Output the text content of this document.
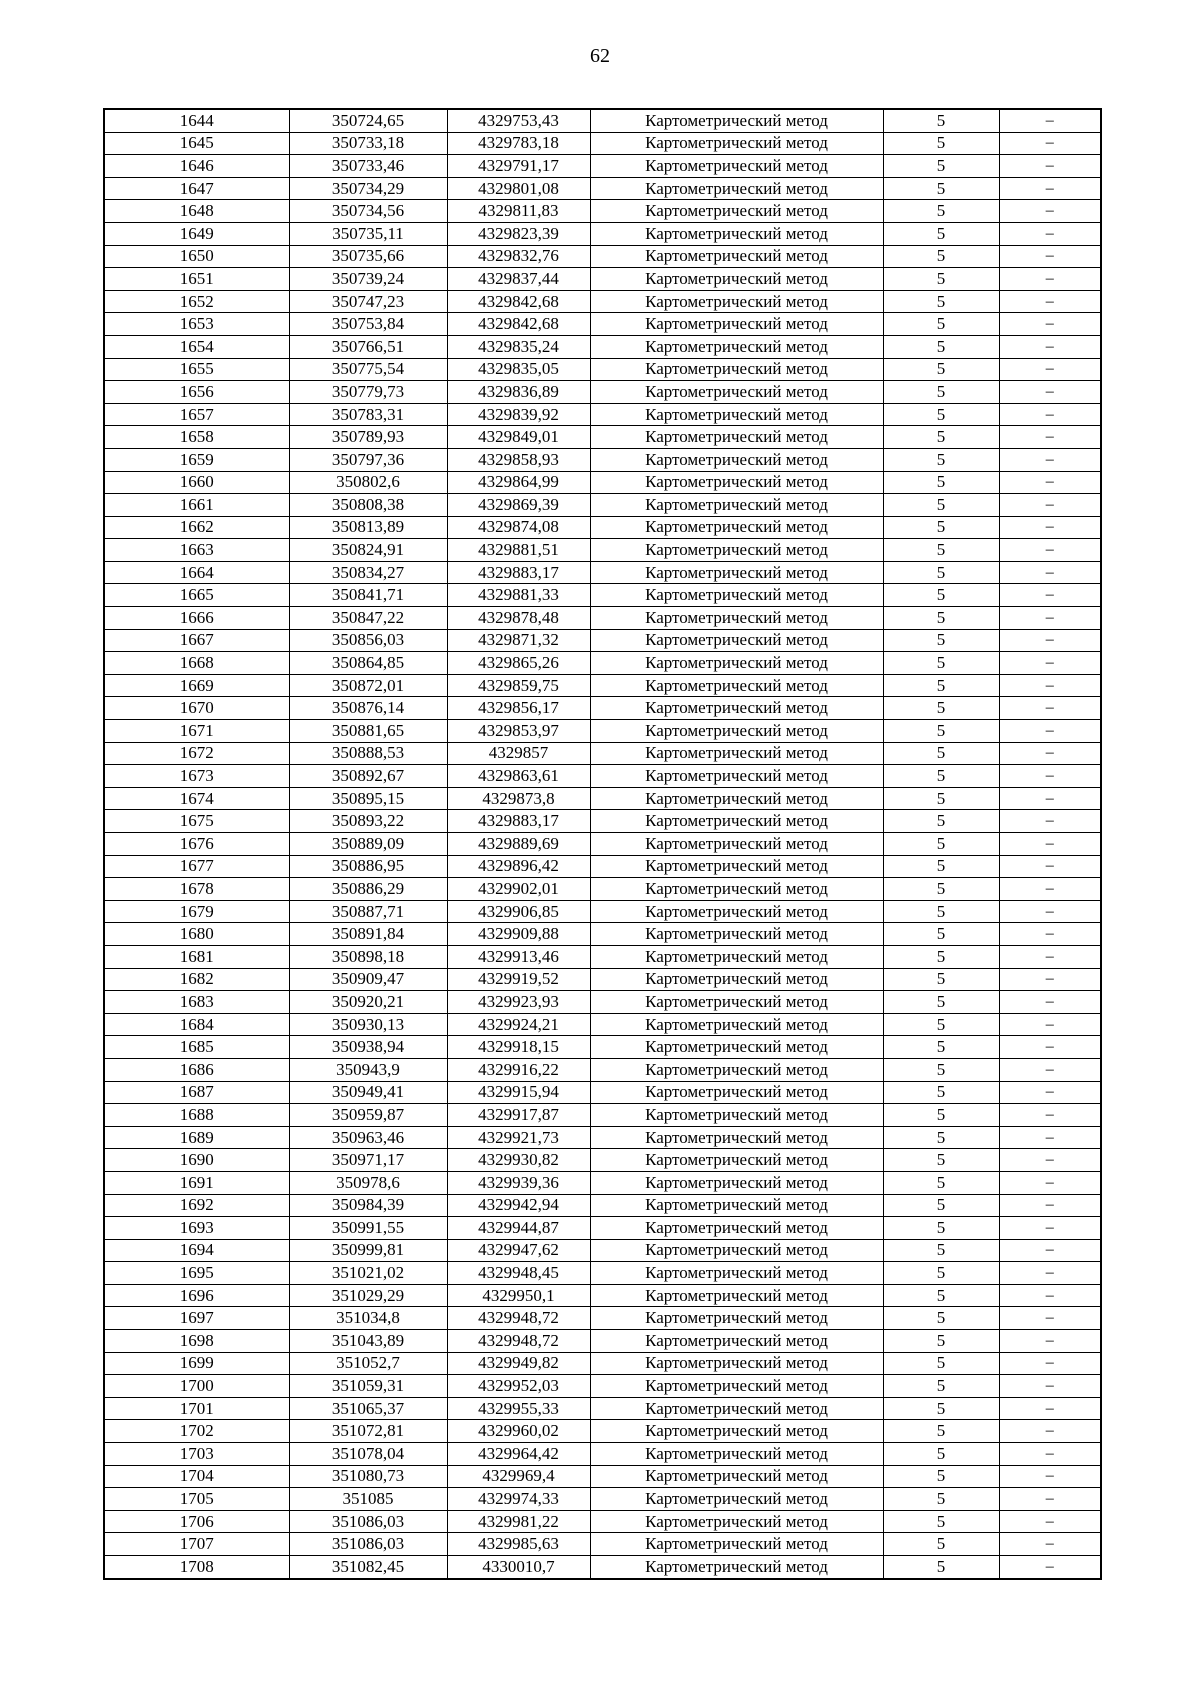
62
1644	350724,65	4329753,43	Картометрический метод	5	–
1645	350733,18	4329783,18	Картометрический метод	5	–
1646	350733,46	4329791,17	Картометрический метод	5	–
1647	350734,29	4329801,08	Картометрический метод	5	–
1648	350734,56	4329811,83	Картометрический метод	5	–
1649	350735,11	4329823,39	Картометрический метод	5	–
1650	350735,66	4329832,76	Картометрический метод	5	–
1651	350739,24	4329837,44	Картометрический метод	5	–
1652	350747,23	4329842,68	Картометрический метод	5	–
1653	350753,84	4329842,68	Картометрический метод	5	–
1654	350766,51	4329835,24	Картометрический метод	5	–
1655	350775,54	4329835,05	Картометрический метод	5	–
1656	350779,73	4329836,89	Картометрический метод	5	–
1657	350783,31	4329839,92	Картометрический метод	5	–
1658	350789,93	4329849,01	Картометрический метод	5	–
1659	350797,36	4329858,93	Картометрический метод	5	–
1660	350802,6	4329864,99	Картометрический метод	5	–
1661	350808,38	4329869,39	Картометрический метод	5	–
1662	350813,89	4329874,08	Картометрический метод	5	–
1663	350824,91	4329881,51	Картометрический метод	5	–
1664	350834,27	4329883,17	Картометрический метод	5	–
1665	350841,71	4329881,33	Картометрический метод	5	–
1666	350847,22	4329878,48	Картометрический метод	5	–
1667	350856,03	4329871,32	Картометрический метод	5	–
1668	350864,85	4329865,26	Картометрический метод	5	–
1669	350872,01	4329859,75	Картометрический метод	5	–
1670	350876,14	4329856,17	Картометрический метод	5	–
1671	350881,65	4329853,97	Картометрический метод	5	–
1672	350888,53	4329857	Картометрический метод	5	–
1673	350892,67	4329863,61	Картометрический метод	5	–
1674	350895,15	4329873,8	Картометрический метод	5	–
1675	350893,22	4329883,17	Картометрический метод	5	–
1676	350889,09	4329889,69	Картометрический метод	5	–
1677	350886,95	4329896,42	Картометрический метод	5	–
1678	350886,29	4329902,01	Картометрический метод	5	–
1679	350887,71	4329906,85	Картометрический метод	5	–
1680	350891,84	4329909,88	Картометрический метод	5	–
1681	350898,18	4329913,46	Картометрический метод	5	–
1682	350909,47	4329919,52	Картометрический метод	5	–
1683	350920,21	4329923,93	Картометрический метод	5	–
1684	350930,13	4329924,21	Картометрический метод	5	–
1685	350938,94	4329918,15	Картометрический метод	5	–
1686	350943,9	4329916,22	Картометрический метод	5	–
1687	350949,41	4329915,94	Картометрический метод	5	–
1688	350959,87	4329917,87	Картометрический метод	5	–
1689	350963,46	4329921,73	Картометрический метод	5	–
1690	350971,17	4329930,82	Картометрический метод	5	–
1691	350978,6	4329939,36	Картометрический метод	5	–
1692	350984,39	4329942,94	Картометрический метод	5	–
1693	350991,55	4329944,87	Картометрический метод	5	–
1694	350999,81	4329947,62	Картометрический метод	5	–
1695	351021,02	4329948,45	Картометрический метод	5	–
1696	351029,29	4329950,1	Картометрический метод	5	–
1697	351034,8	4329948,72	Картометрический метод	5	–
1698	351043,89	4329948,72	Картометрический метод	5	–
1699	351052,7	4329949,82	Картометрический метод	5	–
1700	351059,31	4329952,03	Картометрический метод	5	–
1701	351065,37	4329955,33	Картометрический метод	5	–
1702	351072,81	4329960,02	Картометрический метод	5	–
1703	351078,04	4329964,42	Картометрический метод	5	–
1704	351080,73	4329969,4	Картометрический метод	5	–
1705	351085	4329974,33	Картометрический метод	5	–
1706	351086,03	4329981,22	Картометрический метод	5	–
1707	351086,03	4329985,63	Картометрический метод	5	–
1708	351082,45	4330010,7	Картометрический метод	5	–
